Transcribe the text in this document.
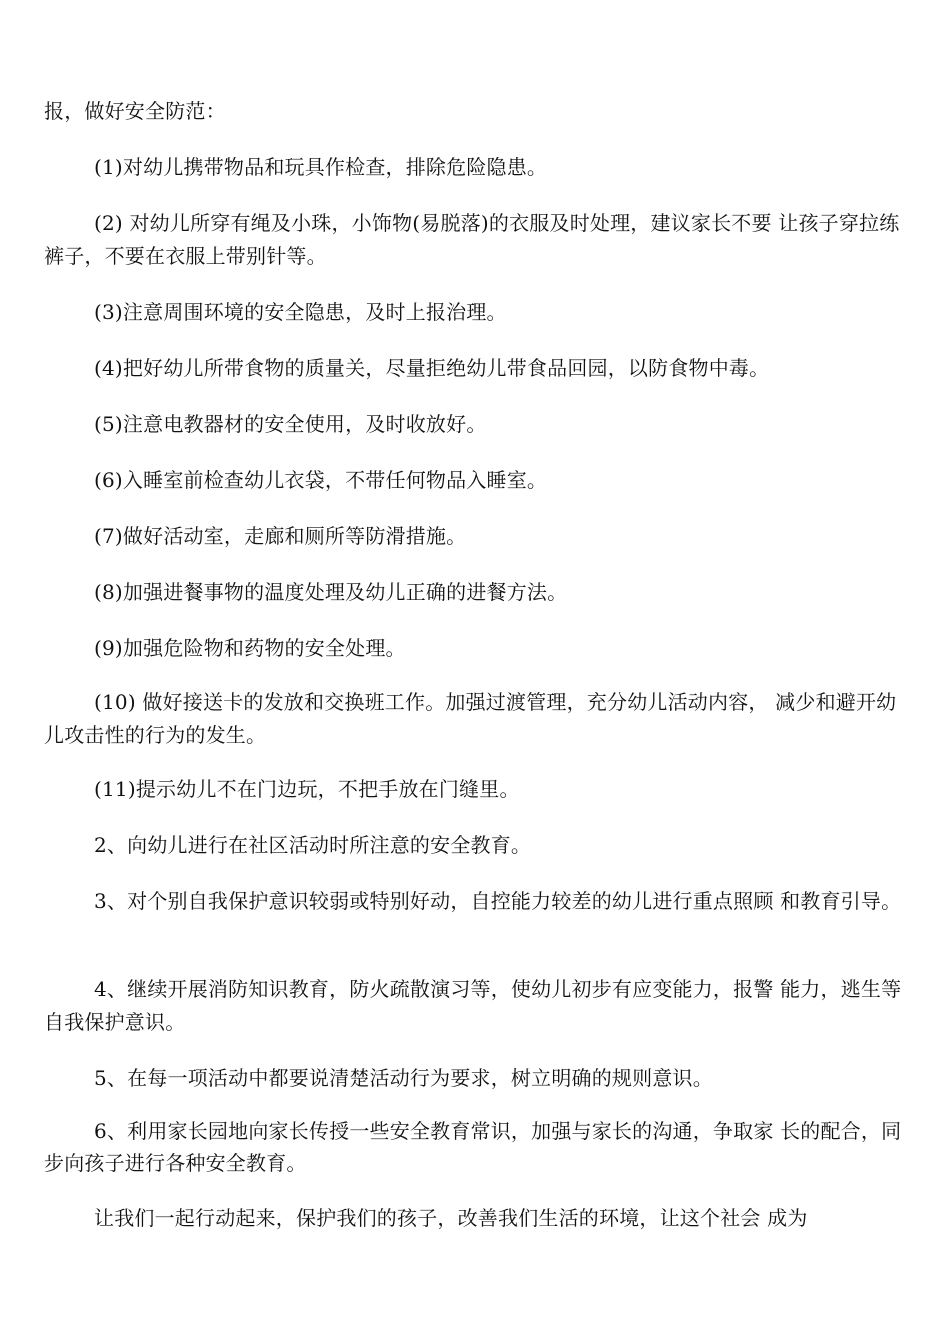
报，做好安全防范：

(1)对幼儿携带物品和玩具作检查，排除危险隐患。

(2) 对幼儿所穿有绳及小珠，小饰物(易脱落)的衣服及时处理，建议家长不要 让孩子穿拉练裤子，不要在衣服上带别针等。

(3)注意周围环境的安全隐患，及时上报治理。

(4)把好幼儿所带食物的质量关，尽量拒绝幼儿带食品回园，以防食物中毒。

(5)注意电教器材的安全使用，及时收放好。

(6)入睡室前检查幼儿衣袋，不带任何物品入睡室。

(7)做好活动室，走廊和厕所等防滑措施。

(8)加强进餐事物的温度处理及幼儿正确的进餐方法。

(9)加强危险物和药物的安全处理。

(10) 做好接送卡的发放和交换班工作。加强过渡管理，充分幼儿活动内容， 减少和避开幼儿攻击性的行为的发生。

(11)提示幼儿不在门边玩，不把手放在门缝里。

2、向幼儿进行在社区活动时所注意的安全教育。

3、对个别自我保护意识较弱或特别好动，自控能力较差的幼儿进行重点照顾 和教育引导。

4、继续开展消防知识教育，防火疏散演习等，使幼儿初步有应变能力，报警 能力，逃生等自我保护意识。

5、在每一项活动中都要说清楚活动行为要求，树立明确的规则意识。

6、利用家长园地向家长传授一些安全教育常识，加强与家长的沟通，争取家 长的配合，同步向孩子进行各种安全教育。

让我们一起行动起来，保护我们的孩子，改善我们生活的环境，让这个社会 成为
